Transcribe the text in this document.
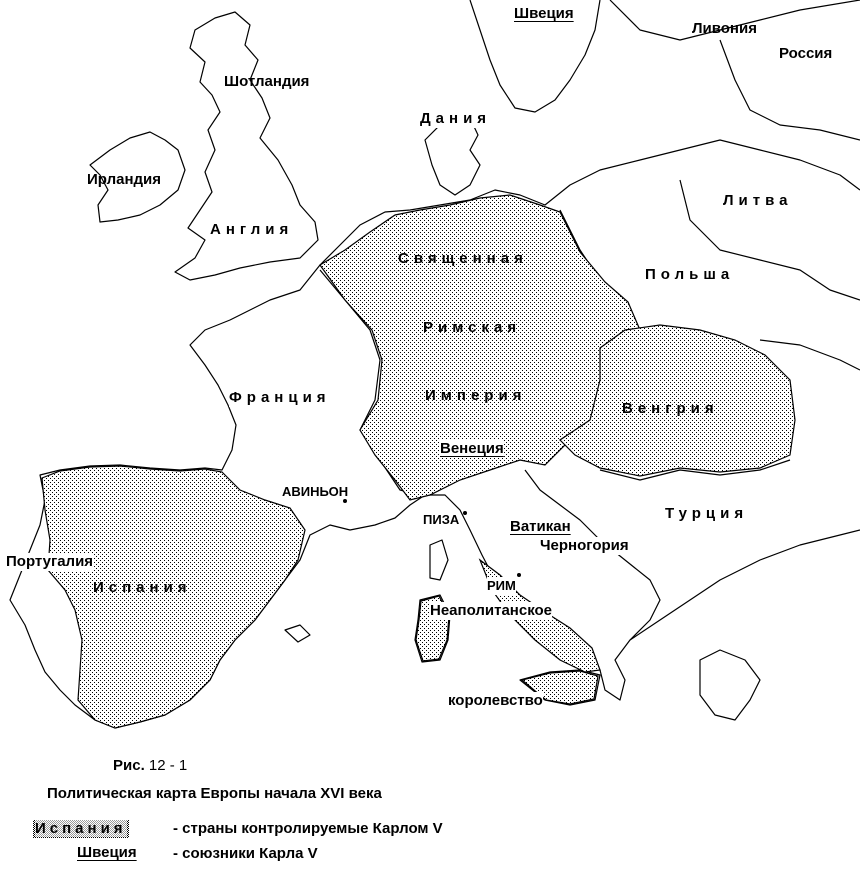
Швеция
Ливония
Россия
Шотландия
Дания
Ирландия
Литва
Англия
Священная
Польша
Римская
Франция	Империя
Венгрия
Венеция
АВИНЬОН
ПИЗА	Турция
Ватикан
Черногория
Португалия
Испания	РИМ
Неаполитанское
королевство
Рис. 12 - 1
Политическая карта Европы начала XVI века
Испания	- страны контролируемые Карлом V
Швеция - союзники Карла V
